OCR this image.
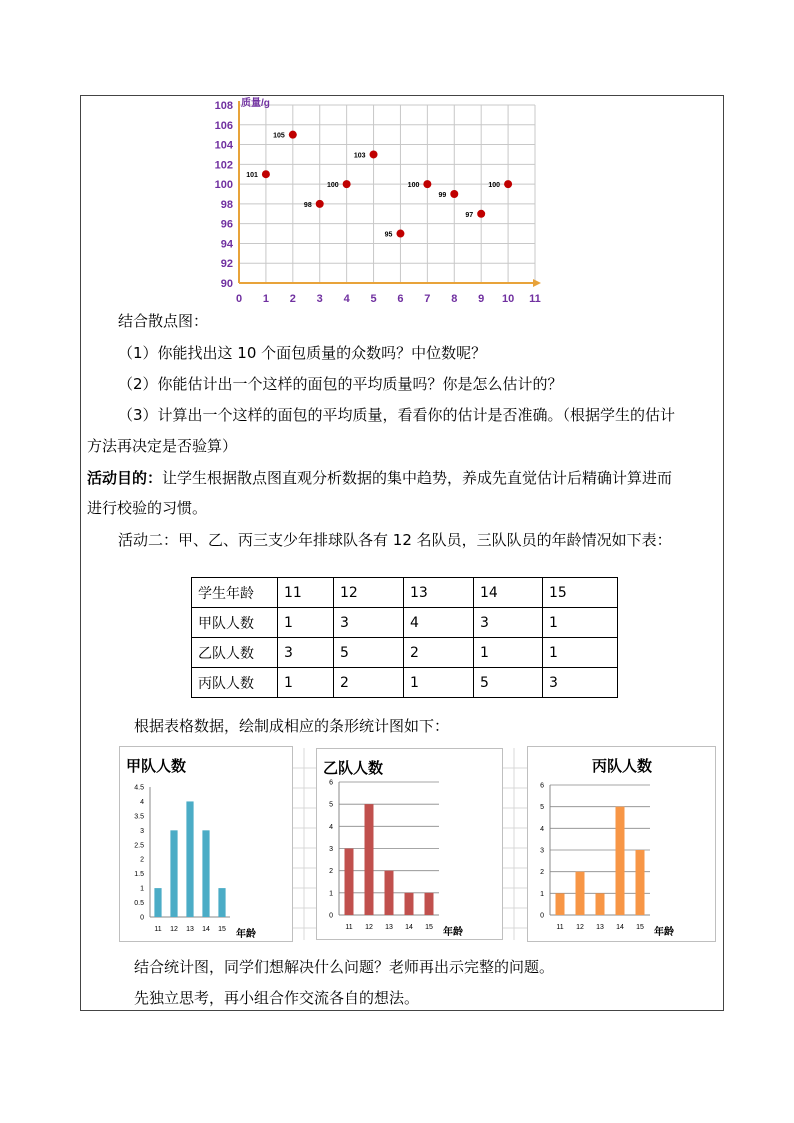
0 1 2 3 4 5 6 7 8 9 10 11
90
92
94
96
98
100
102
104
106
108 质量/g
101
105
98
100
103
95
100
99
97
100
结合散点图：
（1）你能找出这 10 个面包质量的众数吗？中位数呢？
（2）你能估计出一个这样的面包的平均质量吗？你是怎么估计的？
（3）计算出一个这样的面包的平均质量，看看你的估计是否准确。（根据学生的估计
方法再决定是否验算）
活动目的：让学生根据散点图直观分析数据的集中趋势，养成先直觉估计后精确计算进而
进行校验的习惯。
活动二：甲、乙、丙三支少年排球队各有 12 名队员，三队队员的年龄情况如下表：
学生年龄	11	12	13	14	15
甲队人数	1	3	4	3	1
乙队人数	3	5	2	1	1
丙队人数	1	2	1	5	3
根据表格数据，绘制成相应的条形统计图如下：
甲队人数
0
0.5
1
1.5
2
2.5
3
3.5
4
4.5
11 12 13 14 15 年龄
乙队人数
0
1
2
3
4
5
6
11 12 13 14 15 年龄
丙队人数
0
1
2
3
4
5
6
11 12 13 14 15 年龄
结合统计图，同学们想解决什么问题？老师再出示完整的问题。
先独立思考，再小组合作交流各自的想法。
